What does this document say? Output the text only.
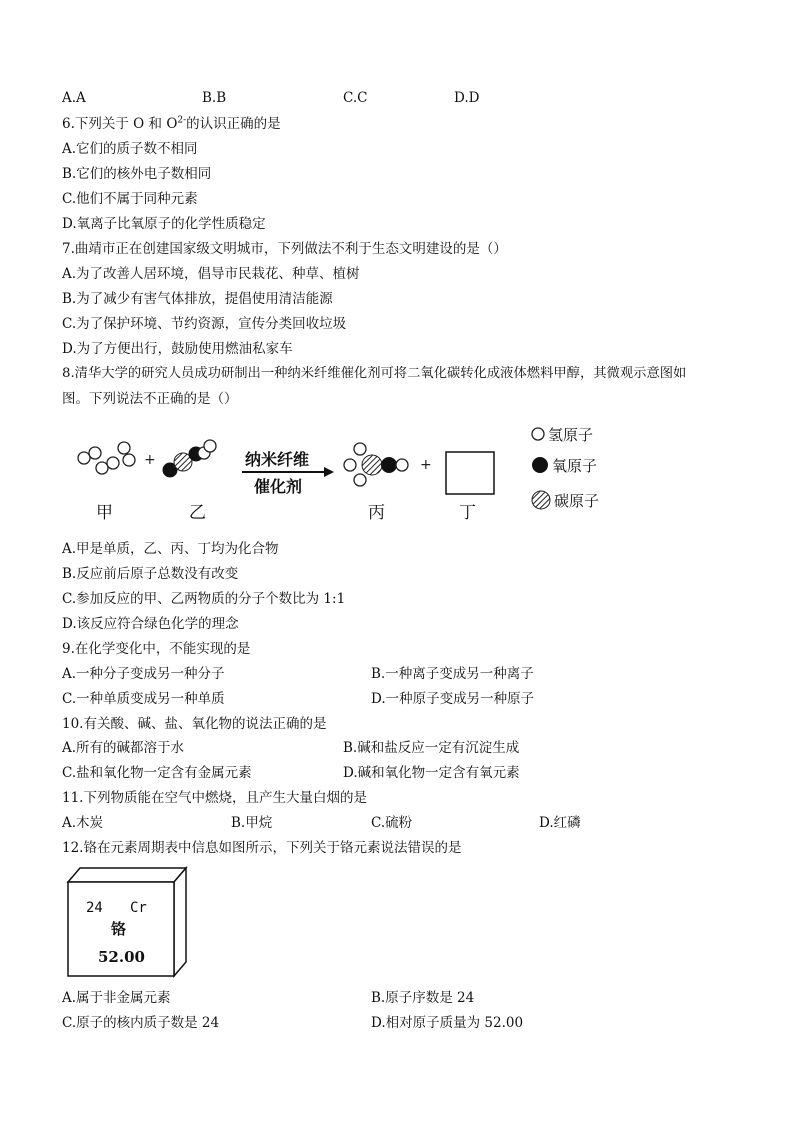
A.A	B.B	C.C	D.D
6.下列关于 O 和 $O^{2-}$的认识正确的是
A.它们的质子数不相同
B.它们的核外电子数相同
C.他们不属于同种元素
D.氧离子比氧原子的化学性质稳定
7.曲靖市正在创建国家级文明城市，下列做法不利于生态文明建设的是（）
A.为了改善人居环境，倡导市民栽花、种草、植树
B.为了减少有害气体排放，提倡使用清洁能源
C.为了保护环境、节约资源，宣传分类回收垃圾
D.为了方便出行，鼓励使用燃油私家车
8.清华大学的研究人员成功研制出一种纳米纤维催化剂可将二氧化碳转化成液体燃料甲醇，其微观示意图如
图。下列说法不正确的是（）
+	纳米纤维
催化剂
+
甲	乙	丙	丁
氢原子
氧原子
碳原子
A.甲是单质，乙、丙、丁均为化合物
B.反应前后原子总数没有改变
C.参加反应的甲、乙两物质的分子个数比为 1:1
D.该反应符合绿色化学的理念
9.在化学变化中，不能实现的是
A.一种分子变成另一种分子	B.一种离子变成另一种离子
C.一种单质变成另一种单质	D.一种原子变成另一种原子
10.有关酸、碱、盐、氧化物的说法正确的是
A.所有的碱都溶于水	B.碱和盐反应一定有沉淀生成
C.盐和氧化物一定含有金属元素	D.碱和氧化物一定含有氧元素
11.下列物质能在空气中燃烧，且产生大量白烟的是
A.木炭	B.甲烷	C.硫粉	D.红磷
12.铬在元素周期表中信息如图所示，下列关于铬元素说法错误的是
24 Cr
铬
52.00
A.属于非金属元素	B.原子序数是 24
C.原子的核内质子数是 24	D.相对原子质量为 52.00
